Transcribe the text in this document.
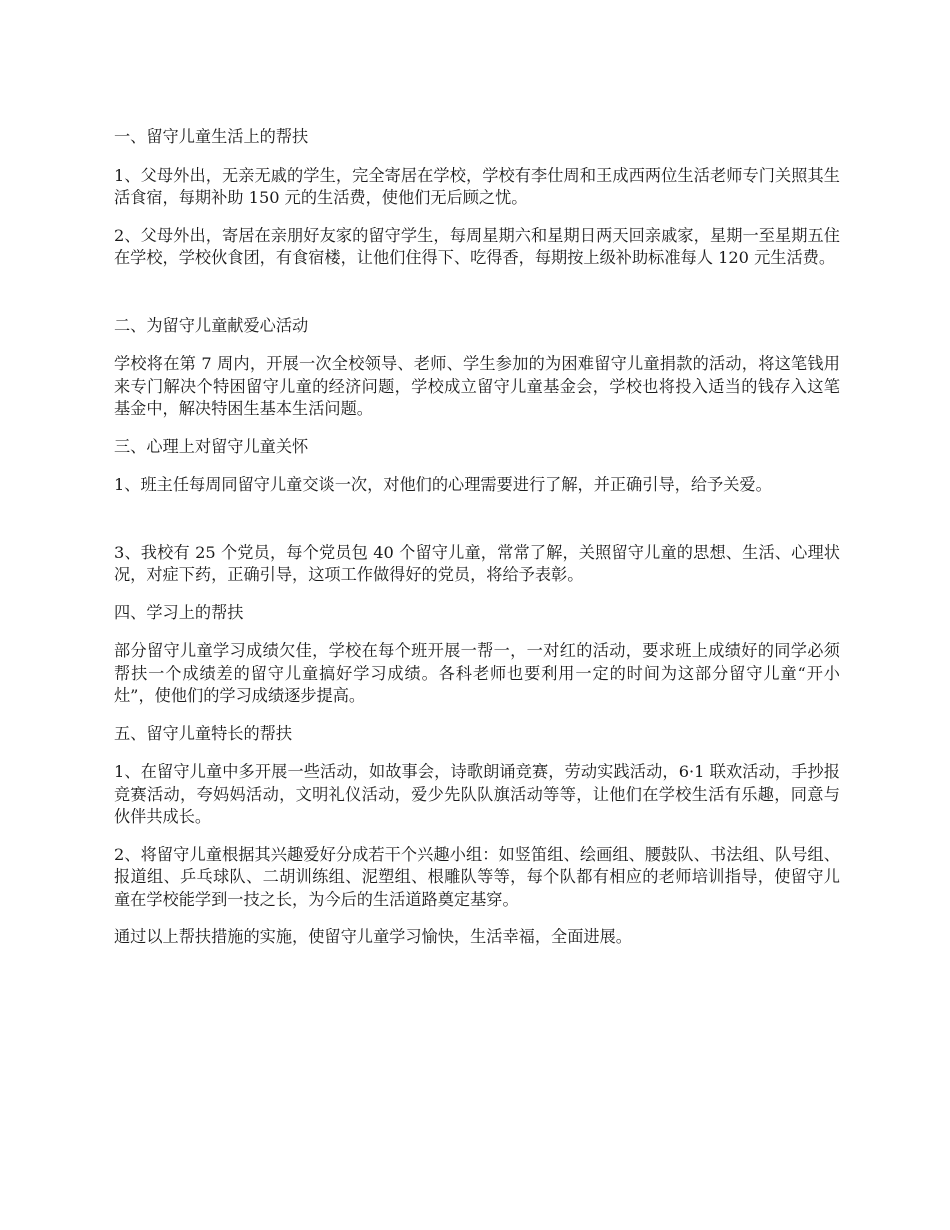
一、留守儿童生活上的帮扶

1、父母外出，无亲无戚的学生，完全寄居在学校，学校有李仕周和王成西两位生活老师专门关照其生活食宿，每期补助 150 元的生活费，使他们无后顾之忧。

2、父母外出，寄居在亲朋好友家的留守学生，每周星期六和星期日两天回亲戚家，星期一至星期五住在学校，学校伙食团，有食宿楼，让他们住得下、吃得香，每期按上级补助标准每人 120 元生活费。

二、为留守儿童献爱心活动

学校将在第 7 周内，开展一次全校领导、老师、学生参加的为困难留守儿童捐款的活动，将这笔钱用来专门解决个特困留守儿童的经济问题，学校成立留守儿童基金会，学校也将投入适当的钱存入这笔基金中，解决特困生基本生活问题。

三、心理上对留守儿童关怀

1、班主任每周同留守儿童交谈一次，对他们的心理需要进行了解，并正确引导，给予关爱。

3、我校有 25 个党员，每个党员包 40 个留守儿童，常常了解，关照留守儿童的思想、生活、心理状况，对症下药，正确引导，这项工作做得好的党员，将给予表彰。

四、学习上的帮扶

部分留守儿童学习成绩欠佳，学校在每个班开展一帮一，一对红的活动，要求班上成绩好的同学必须帮扶一个成绩差的留守儿童搞好学习成绩。各科老师也要利用一定的时间为这部分留守儿童“开小灶”，使他们的学习成绩逐步提高。

五、留守儿童特长的帮扶

1、在留守儿童中多开展一些活动，如故事会，诗歌朗诵竞赛，劳动实践活动，6·1 联欢活动，手抄报竞赛活动，夸妈妈活动，文明礼仪活动，爱少先队队旗活动等等，让他们在学校生活有乐趣，同意与伙伴共成长。

2、将留守儿童根据其兴趣爱好分成若干个兴趣小组：如竖笛组、绘画组、腰鼓队、书法组、队号组、报道组、乒乓球队、二胡训练组、泥塑组、根雕队等等，每个队都有相应的老师培训指导，使留守儿童在学校能学到一技之长，为今后的生活道路奠定基穿。

通过以上帮扶措施的实施，使留守儿童学习愉快，生活幸福，全面进展。
